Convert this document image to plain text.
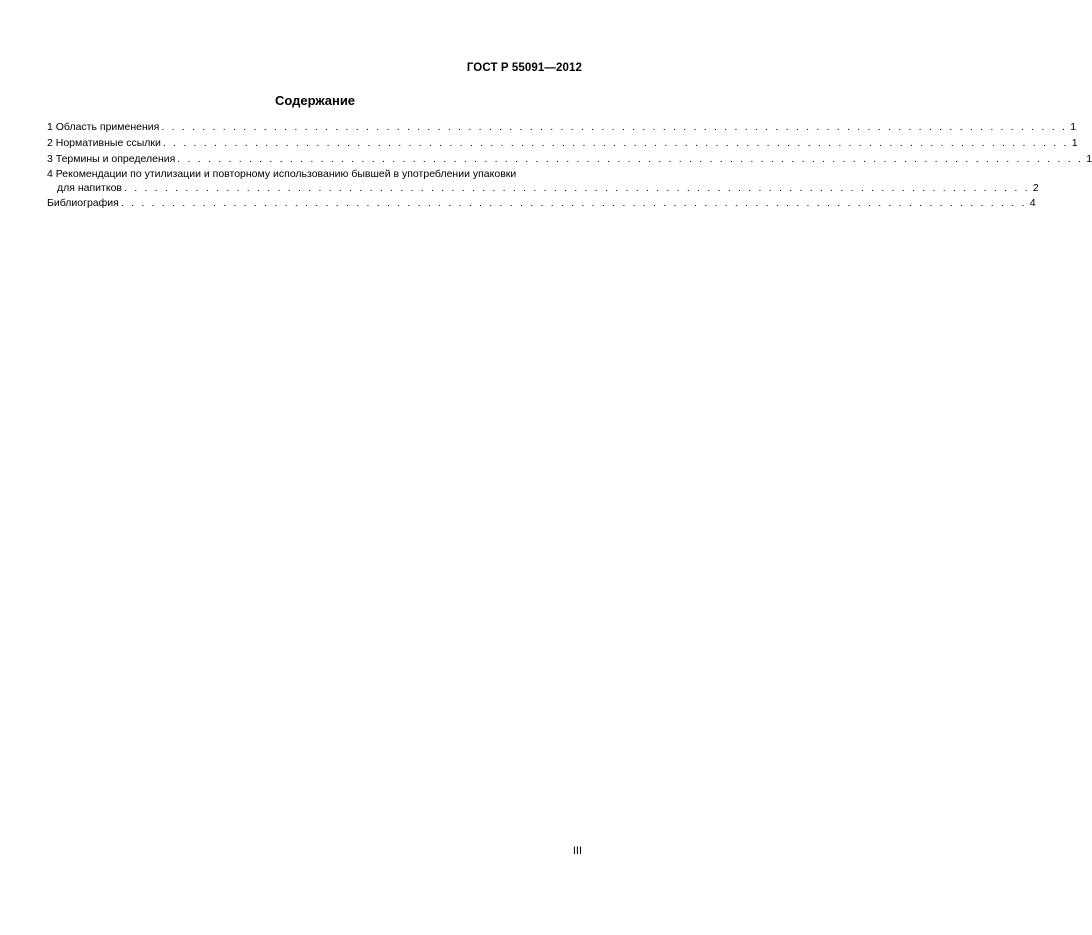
ГОСТ Р 55091—2012
Содержание
1 Область применения . . . . . . . . . . . . . . . . . . . . . . . . . . . . . . . . . . . . . . . . . . . . . . . . . . . . . . . . . . . . . . . . . . . . . . . . . . . . . . . . . . . . . . . . . 1
2 Нормативные ссылки . . . . . . . . . . . . . . . . . . . . . . . . . . . . . . . . . . . . . . . . . . . . . . . . . . . . . . . . . . . . . . . . . . . . . . . . . . . . . . . . . . . . . . . . . 1
3 Термины и определения . . . . . . . . . . . . . . . . . . . . . . . . . . . . . . . . . . . . . . . . . . . . . . . . . . . . . . . . . . . . . . . . . . . . . . . . . . . . . . . . . . . . . . . . . 1
4 Рекомендации по утилизации и повторному использованию бывшей в употреблении упаковки
для напитков . . . . . . . . . . . . . . . . . . . . . . . . . . . . . . . . . . . . . . . . . . . . . . . . . . . . . . . . . . . . . . . . . . . . . . . . . . . . . . . . . . . . . . . . . 2
Библиография . . . . . . . . . . . . . . . . . . . . . . . . . . . . . . . . . . . . . . . . . . . . . . . . . . . . . . . . . . . . . . . . . . . . . . . . . . . . . . . . . . . . . . . . . 4
III
